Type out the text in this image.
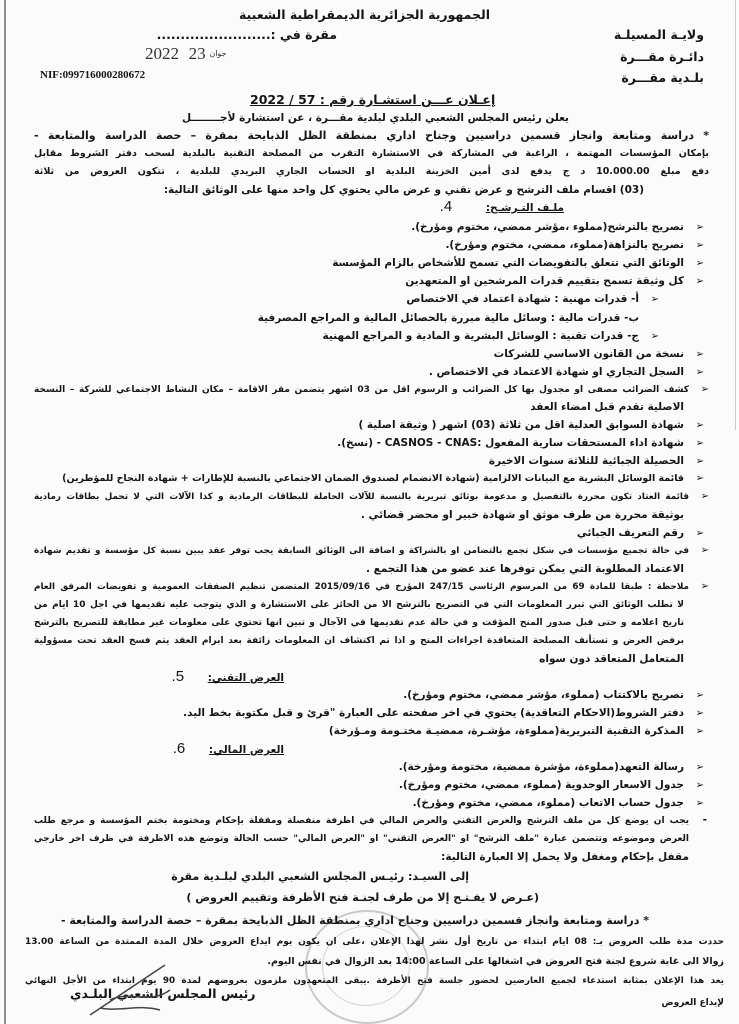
الجمهورية الجزائرية الديمقراطية الشعبية
ولايـة المسيلـة
مقرة في :........................
دائـرة مقـــرة
2022	$^{جوان}$ 23
بلـدية مقـــرة
NIF:099716000280672
إعـلان عـــن استشـارة رقم : 57 / 2022
يعلن رئيس المجلس الشعبي البلدي لبلدية مقـــرة ، عن استشارة لأجــــــــل
* دراسة ومتابعة وانجاز قسمين دراسيين وجناح اداري بمنطقة الظل الذبايحة بمقرة – حصة الدراسة والمتابعة -
بإمكان المؤسسات المهتمة ، الراغبة في المشاركة في الاستشارة التقرب من المصلحة التقنية بالبلدية لسحب دفتر الشروط مقابل
دفع مبلغ 10.000.00 د ج يدفع لدى أمين الخزينة البلدية او الحساب الجاري البريدي للبلدية ، تتكون العروض من ثلاثة
(03) اقسام ملف الترشح و عرض تقني و عرض مالي يحتوي كل واحد منها على الوثائق التالية:
ملـف التـرشـح: 4.
➢تصريح بالترشح(مملوء ،مؤشر ممضي، مختوم ومؤرخ).
➢تصريح بالنزاهة(مملوء، ممضي، مختوم ومؤرخ).
➢الوثائق التي تتعلق بالتفويضات التي تسمح للأشخاص بالزام المؤسسة
➢كل وثيقة تسمح بتقييم قدرات المرشحين او المتعهدين
➢أ- قدرات مهنية : شهادة اعتماد في الاختصاص
ب- قدرات مالية : وسائل مالية مبررة بالحصائل المالية و المراجع المصرفية
➢ج- قدرات تقنية : الوسائل البشرية و المادية و المراجع المهنية
➢نسخة من القانون الاساسي للشركات
➢السجل التجاري او شهادة الاعتماد في الاختصاص .
➢كشف الضرائب مصفى او مجدول بها كل الضرائب و الرسوم اقل من 03 اشهر يتضمن مقر الاقامة – مكان النشاط الاجتماعي للشركة – النسخة
الاصلية تقدم قبل امضاء العقد
➢شهادة السوابق العدلية اقل من ثلاثة (03) اشهر ( وثيقة اصلية )
➢شهادة اداء المستحقات سارية المفعول :CASNOS - CNAS - (نسخ).
➢الحصيلة الجبائية للثلاثة سنوات الاخيرة
➢قائمة الوسائل البشرية مع البيانات الالزامية (شهادة الانضمام لصندوق الضمان الاجتماعي بالنسبة للإطارات + شهادة النجاح للمؤطرين)
➢قائمة العتاد تكون محررة بالتفصيل و مدعومة بوثائق تبريرية بالنسبة للآلات الحاملة للبطاقات الرمادية و كذا الآلات التي لا تحمل بطاقات رمادية
بوثيقة محررة من طرف موثق او شهادة خبير او محضر قضائي .
➢رقم التعريف الجبائي
➢في حالة تجميع مؤسسات في شكل تجمع بالتضامن او بالشراكة و اضافة الى الوثائق السابقة يجب توفر عقد يبين نسبة كل مؤسسة و تقديم شهادة
الاعتماد المطلوبة التي يمكن توفرها عند عضو من هذا التجمع .
➢ملاحظة : طبقا للمادة 69 من المرسوم الرئاسي 247/15 المؤرخ في 2015/09/16 المتضمن تنظيم الصفقات العمومية و تفويضات المرفق العام
لا تطلب الوثائق التي تبرر المعلومات التي في التصريح بالترشح الا من الحائز على الاستشارة و الذي يتوجب عليه تقديمها في اجل 10 ايام من
تاريخ اعلامه و حتى قبل صدور المنح المؤقت و في حالة عدم تقديمها في الآجال و تبين انها تحتوي على معلومات غير مطابقة للتصريح بالترشح
برفض العرض و تستأنف المصلحة المتعاقدة اجراءات المنح و اذا تم اكتشاف ان المعلومات زائفة بعد ابرام العقد يتم فسخ العقد تحت مسؤولية
المتعامل المتعاقد دون سواه
العرض التقني: 5.
➢تصريح بالاكتتاب (مملوء، مؤشر ممضي، مختوم ومؤرخ).
➢دفتر الشروط(الاحكام التعاقدية) يحتوي في اخر صفحته على العبارة "قرئ و قبل مكتوبة بخط اليد.
➢المذكرة التقنية التبريرية(مملوءة، مؤشـرة، ممضيـة مختـومة ومـؤرخة)
العرض المالي: 6.
➢رسالة التعهد(مملوءة، مؤشرة ممضية، مختومة ومؤرخة).
➢جدول الاسعار الوحدوية (مملوء، ممضي، مختوم ومؤرخ).
➢جدول حساب الاتعاب (مملوء، ممضي، مختوم ومؤرخ).
-
يجب ان يوضع كل من ملف الترشح والعرض التقني والعرض المالي في اظرفة منفصلة ومقفلة بإحكام ومختومة بختم المؤسسة و مرجع طلب
العرض وموضوعه وتتضمن عبارة "ملف الترشح" او "العرض التقني" او "العرض المالي" حسب الحالة وتوضع هذه الاظرفة في ظرف اخر خارجي
مقفل بإحكام ومغفل ولا يحمل إلا العبارة التالية:
إلى السيـد: رئيـس المجلس الشعبي البلدي لبلـدية مقرة
(عـرض لا يفـتـح إلا من طرف لجنـة فتح الأظرفة وتقييم العروض )
* دراسة ومتابعة وانجاز قسمين دراسيين وجناح اداري بمنطقة الظل الذبايحة بمقرة – حصة الدراسة والمتابعة -
حددت مدة طلب العروض بـ: 08 ايام ابتداء من تاريخ أول نشر لهذا الإعلان ،على ان يكون يوم ايداع العروض خلال المدة الممتدة من الساعة 13.00
زوالا الى غاية شروع لجنة فتح العروض في اشغالها على الساعة 14:00 بعد الزوال في نفس اليوم.
يعد هذا الإعلان بمثابة استدعاء لجميع العارضين لحضور جلسة فتح الأظرفة .يبقى المتعهدون ملزمون بعروضهم لمدة 90 يوم ابتداء من الأجل النهائي
لإيداع العروض
رئيس المجلس الشعبي البلـدي
